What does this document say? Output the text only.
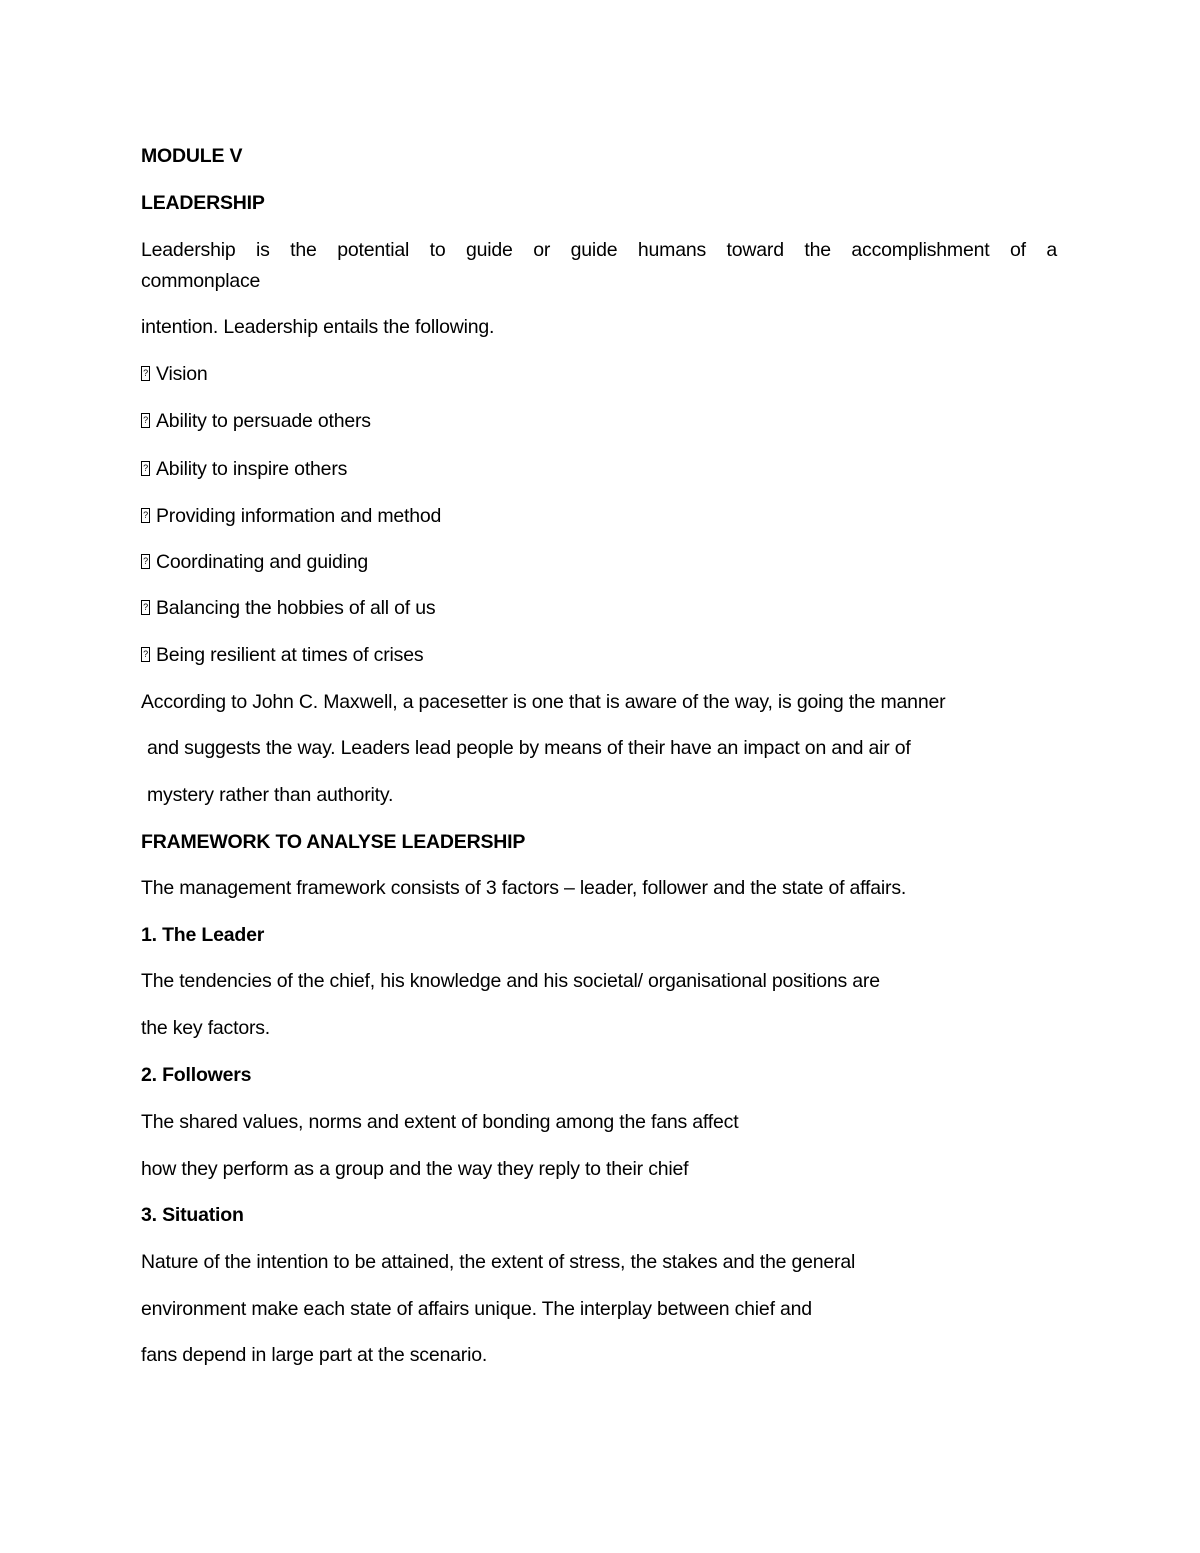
MODULE V
LEADERSHIP
Leadership is the potential to guide or guide humans toward the accomplishment of a
commonplace
intention. Leadership entails the following.
? Vision
? Ability to persuade others
? Ability to inspire others
? Providing information and method
? Coordinating and guiding
? Balancing the hobbies of all of us
? Being resilient at times of crises
According to John C. Maxwell, a pacesetter is one that is aware of the way, is going the manner
and suggests the way. Leaders lead people by means of their have an impact on and air of
mystery rather than authority.
FRAMEWORK TO ANALYSE LEADERSHIP
The management framework consists of 3 factors – leader, follower and the state of affairs.
1. The Leader
The tendencies of the chief, his knowledge and his societal/ organisational positions are
the key factors.
2. Followers
The shared values, norms and extent of bonding among the fans affect
how they perform as a group and the way they reply to their chief
3. Situation
Nature of the intention to be attained, the extent of stress, the stakes and the general
environment make each state of affairs unique. The interplay between chief and
fans depend in large part at the scenario.
